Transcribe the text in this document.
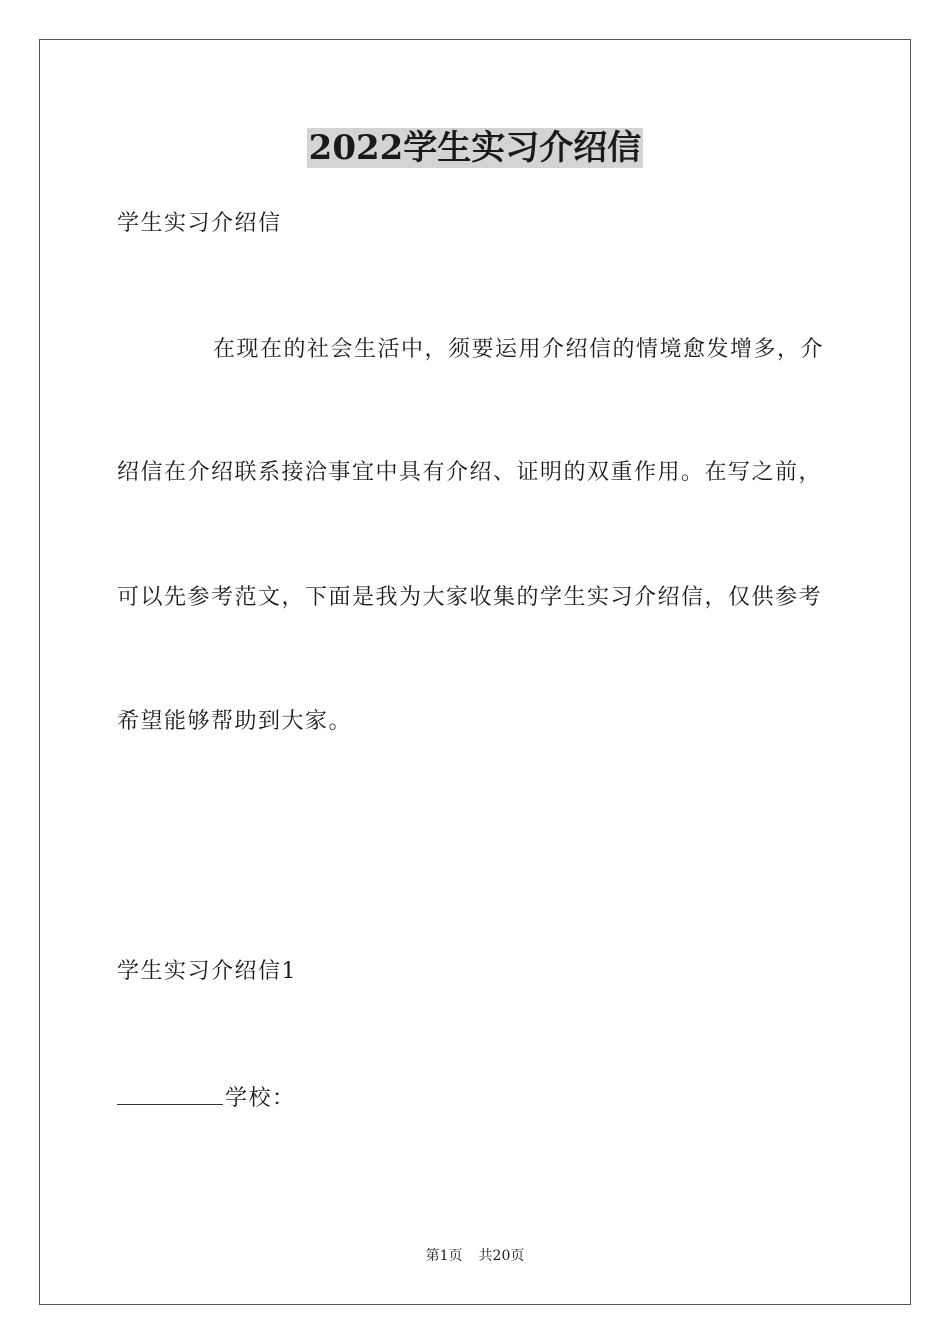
2022学生实习介绍信
学生实习介绍信
在现在的社会生活中，须要运用介绍信的情境愈发增多，介
绍信在介绍联系接洽事宜中具有介绍、证明的双重作用。在写之前，
可以先参考范文，下面是我为大家收集的学生实习介绍信，仅供参考
希望能够帮助到大家。
学生实习介绍信1
学校：
第1页 共20页
